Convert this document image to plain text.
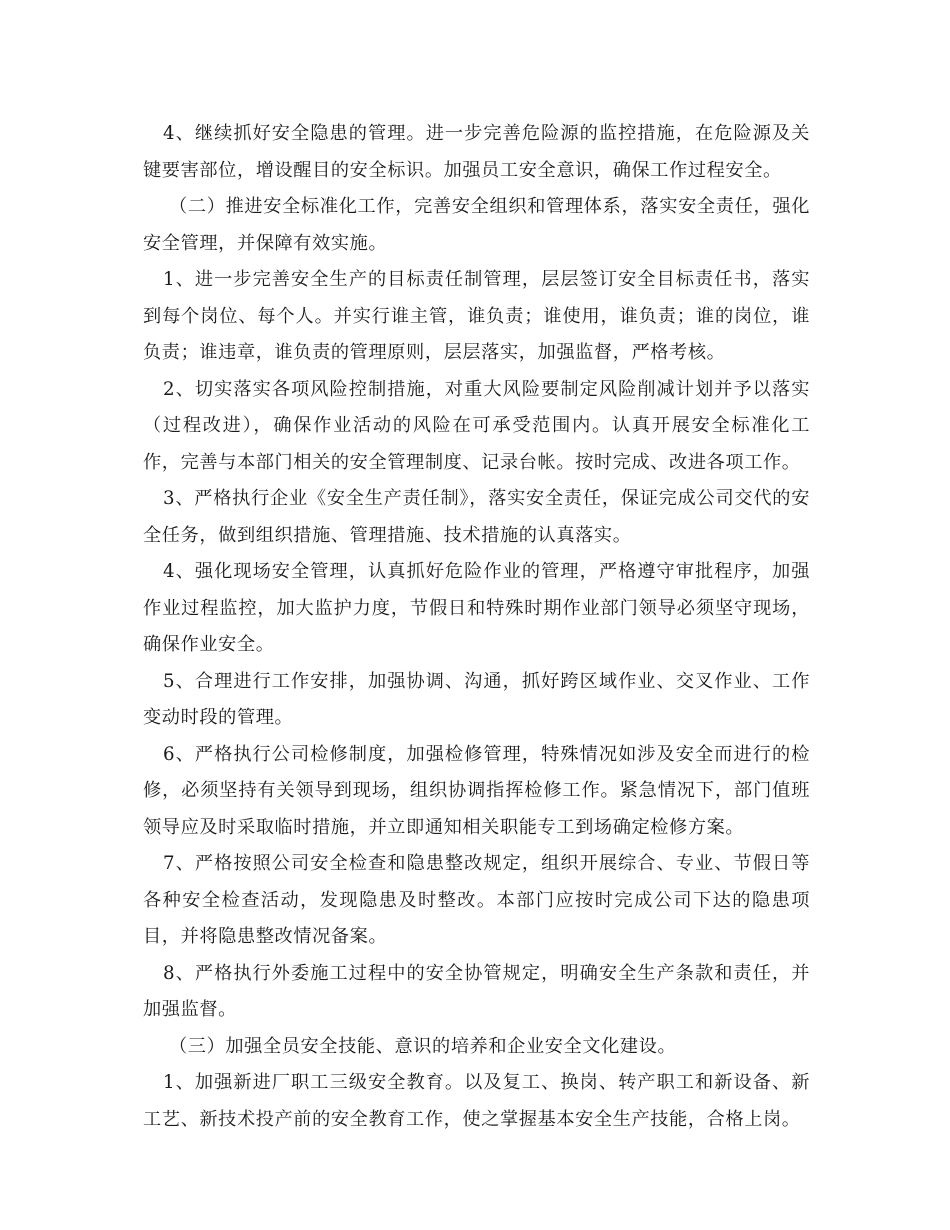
4、继续抓好安全隐患的管理。进一步完善危险源的监控措施，在危险源及关键要害部位，增设醒目的安全标识。加强员工安全意识，确保工作过程安全。

（二）推进安全标准化工作，完善安全组织和管理体系，落实安全责任，强化安全管理，并保障有效实施。

1、进一步完善安全生产的目标责任制管理，层层签订安全目标责任书，落实到每个岗位、每个人。并实行谁主管，谁负责；谁使用，谁负责；谁的岗位，谁负责；谁违章，谁负责的管理原则，层层落实，加强监督，严格考核。

2、切实落实各项风险控制措施，对重大风险要制定风险削减计划并予以落实（过程改进），确保作业活动的风险在可承受范围内。认真开展安全标准化工作，完善与本部门相关的安全管理制度、记录台帐。按时完成、改进各项工作。

3、严格执行企业《安全生产责任制》，落实安全责任，保证完成公司交代的安全任务，做到组织措施、管理措施、技术措施的认真落实。

4、强化现场安全管理，认真抓好危险作业的管理，严格遵守审批程序，加强作业过程监控，加大监护力度，节假日和特殊时期作业部门领导必须坚守现场，确保作业安全。

5、合理进行工作安排，加强协调、沟通，抓好跨区域作业、交叉作业、工作变动时段的管理。

6、严格执行公司检修制度，加强检修管理，特殊情况如涉及安全而进行的检修，必须坚持有关领导到现场，组织协调指挥检修工作。紧急情况下，部门值班领导应及时采取临时措施，并立即通知相关职能专工到场确定检修方案。

7、严格按照公司安全检查和隐患整改规定，组织开展综合、专业、节假日等各种安全检查活动，发现隐患及时整改。本部门应按时完成公司下达的隐患项目，并将隐患整改情况备案。

8、严格执行外委施工过程中的安全协管规定，明确安全生产条款和责任，并加强监督。

（三）加强全员安全技能、意识的培养和企业安全文化建设。

1、加强新进厂职工三级安全教育。以及复工、换岗、转产职工和新设备、新工艺、新技术投产前的安全教育工作，使之掌握基本安全生产技能，合格上岗。
